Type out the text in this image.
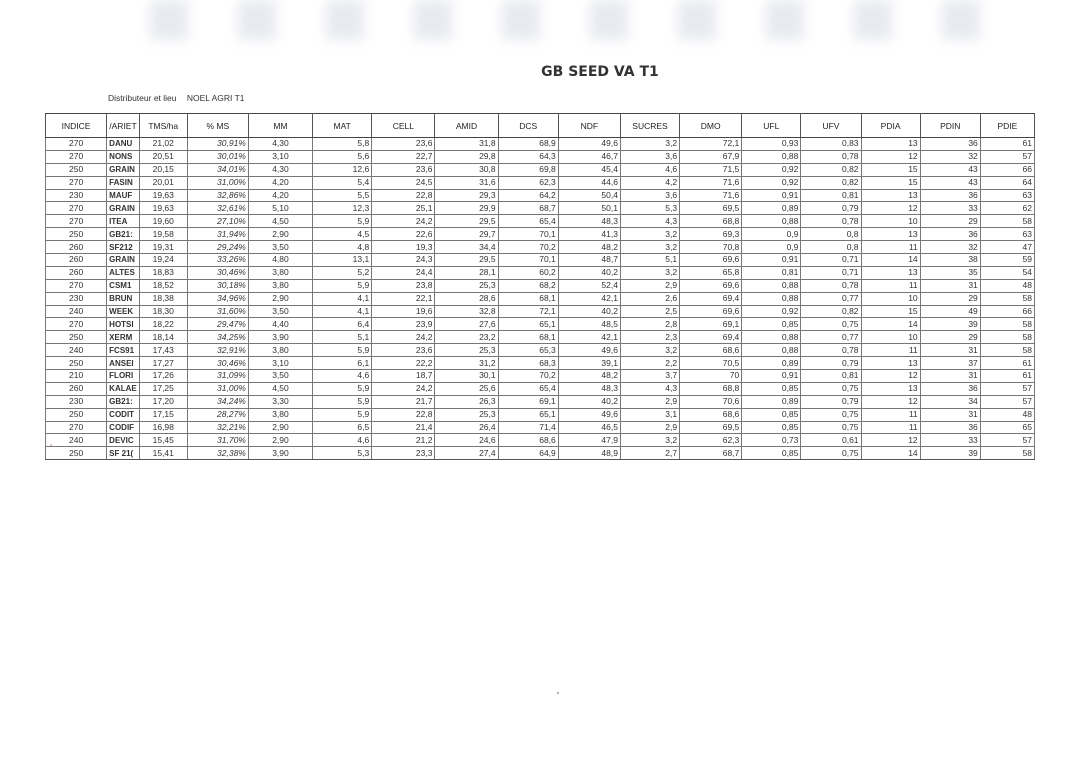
GB SEED VA T1
Distributeur et lieu NOEL AGRI T1
INDICE	/ARIET	TMS/ha	% MS	MM	MAT	CELL	AMID	DCS	NDF	SUCRES	DMO	UFL	UFV	PDIA	PDIN	PDIE
270	DANU	21,02	30,91%	4,30	5,8	23,6	31,8	68,9	49,6	3,2	72,1	0,93	0,83	13	36	61
270	NONS	20,51	30,01%	3,10	5,6	22,7	29,8	64,3	46,7	3,6	67,9	0,88	0,78	12	32	57
250	GRAIN	20,15	34,01%	4,30	12,6	23,6	30,8	69,8	45,4	4,6	71,5	0,92	0,82	15	43	66
270	FASIN	20,01	31,00%	4,20	5,4	24,5	31,6	62,3	44,6	4,2	71,6	0,92	0,82	15	43	64
230	MAUF	19,63	32,86%	4,20	5,5	22,8	29,3	64,2	50,4	3,6	71,6	0,91	0,81	13	36	63
270	GRAIN	19,63	32,61%	5,10	12,3	25,1	29,9	68,7	50,1	5,3	69,5	0,89	0,79	12	33	62
270	ITEA	19,60	27,10%	4,50	5,9	24,2	29,5	65,4	48,3	4,3	68,8	0,88	0,78	10	29	58
250	GB21:	19,58	31,94%	2,90	4,5	22,6	29,7	70,1	41,3	3,2	69,3	0,9	0,8	13	36	63
260	SF212	19,31	29,24%	3,50	4,8	19,3	34,4	70,2	48,2	3,2	70,8	0,9	0,8	11	32	47
260	GRAIN	19,24	33,26%	4,80	13,1	24,3	29,5	70,1	48,7	5,1	69,6	0,91	0,71	14	38	59
260	ALTES	18,83	30,46%	3,80	5,2	24,4	28,1	60,2	40,2	3,2	65,8	0,81	0,71	13	35	54
270	CSM1	18,52	30,18%	3,80	5,9	23,8	25,3	68,2	52,4	2,9	69,6	0,88	0,78	11	31	48
230	BRUN	18,38	34,96%	2,90	4,1	22,1	28,6	68,1	42,1	2,6	69,4	0,88	0,77	10	29	58
240	WEEK	18,30	31,60%	3,50	4,1	19,6	32,8	72,1	40,2	2,5	69,6	0,92	0,82	15	49	66
270	HOTSI	18,22	29,47%	4,40	6,4	23,9	27,6	65,1	48,5	2,8	69,1	0,85	0,75	14	39	58
250	XERM	18,14	34,25%	3,90	5,1	24,2	23,2	68,1	42,1	2,3	69,4	0,88	0,77	10	29	58
240	FCS91	17,43	32,91%	3,80	5,9	23,6	25,3	65,3	49,6	3,2	68,6	0,88	0,78	11	31	58
250	ANSEI	17,27	30,46%	3,10	6,1	22,2	31,2	68,3	39,1	2,2	70,5	0,89	0,79	13	37	61
210	FLORI	17,26	31,09%	3,50	4,6	18,7	30,1	70,2	48,2	3,7	70	0,91	0,81	12	31	61
260	KALAE	17,25	31,00%	4,50	5,9	24,2	25,6	65,4	48,3	4,3	68,8	0,85	0,75	13	36	57
230	GB21:	17,20	34,24%	3,30	5,9	21,7	26,3	69,1	40,2	2,9	70,6	0,89	0,79	12	34	57
250	CODIT	17,15	28,27%	3,80	5,9	22,8	25,3	65,1	49,6	3,1	68,6	0,85	0,75	11	31	48
270	CODIF	16,98	32,21%	2,90	6,5	21,4	26,4	71,4	46,5	2,9	69,5	0,85	0,75	11	36	65
240	DEVIC	15,45	31,70%	2,90	4,6	21,2	24,6	68,6	47,9	3,2	62,3	0,73	0,61	12	33	57
250	SF 21(	15,41	32,38%	3,90	5,3	23,3	27,4	64,9	48,9	2,7	68,7	0,85	0,75	14	39	58
